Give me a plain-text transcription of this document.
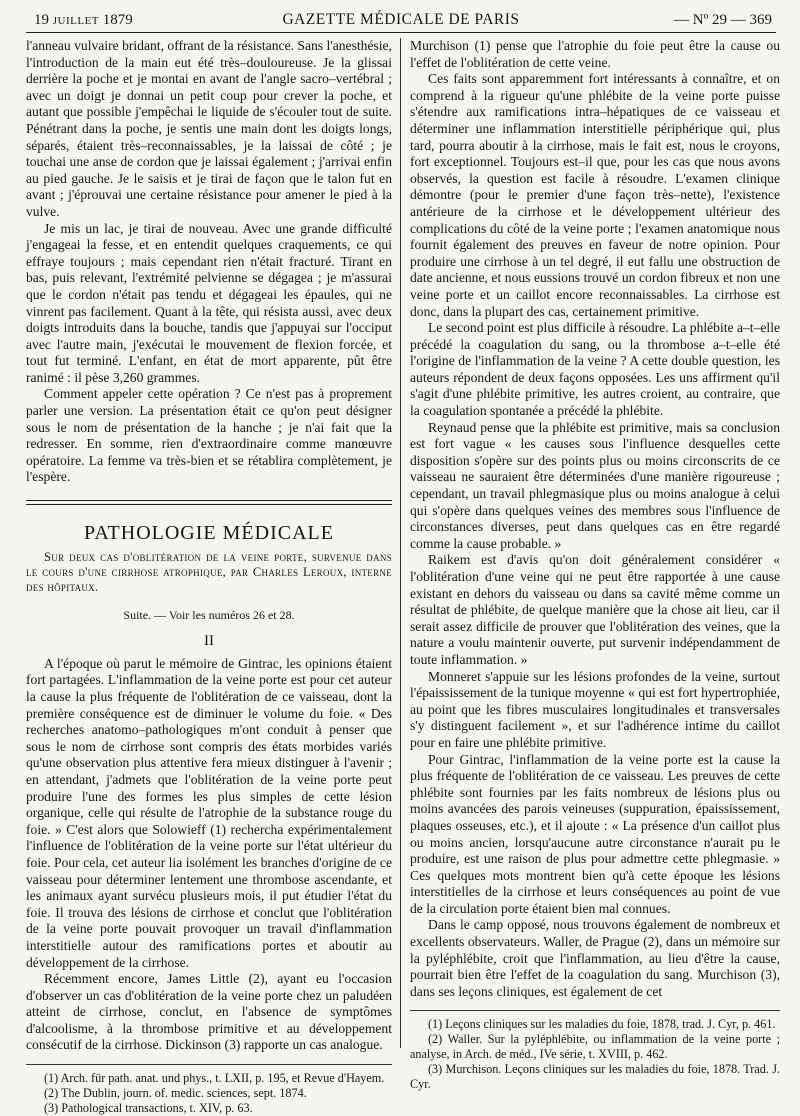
19 JUILLET 1879	GAZETTE MÉDICALE DE PARIS	— Nº 29 — 369

l'anneau vulvaire bridant, offrant de la résistance. Sans l'anesthésie, l'introduction de la main eut été très–douloureuse. Je la glissai derrière la poche et je montai en avant de l'angle sacro–vertébral ; avec un doigt je donnai un petit coup pour crever la poche, et autant que possible j'empêchai le liquide de s'écouler tout de suite. Pénétrant dans la poche, je sentis une main dont les doigts longs, séparés, étaient très–reconnaissables, je la laissai de côté ; je touchai une anse de cordon que je laissai également ; j'arrivai enfin au pied gauche. Je le saisis et je tirai de façon que le talon fut en avant ; j'éprouvai une certaine résistance pour amener le pied à la vulve.

Je mis un lac, je tirai de nouveau. Avec une grande difficulté j'engageai la fesse, et en entendit quelques craquements, ce qui effraye toujours ; mais cependant rien n'était fracturé. Tirant en bas, puis relevant, l'extrémité pelvienne se dégagea ; je m'assurai que le cordon n'était pas tendu et dégageai les épaules, qui ne vinrent pas facilement. Quant à la tête, qui résista aussi, avec deux doigts introduits dans la bouche, tandis que j'appuyai sur l'occiput avec l'autre main, j'exécutai le mouvement de flexion forcée, et tout fut terminé. L'enfant, en état de mort apparente, pût être ranimé : il pèse 3,260 grammes.

Comment appeler cette opération ? Ce n'est pas à proprement parler une version. La présentation était ce qu'on peut désigner sous le nom de présentation de la hanche ; je n'ai fait que la redresser. En somme, rien d'extraordinaire comme manœuvre opératoire. La femme va très-bien et se rétablira complètement, je l'espère.

PATHOLOGIE MÉDICALE

Sur deux cas d'oblitération de la veine porte, survenue dans le cours d'une cirrhose atrophique, par Charles Leroux, interne des hôpitaux.

Suite. — Voir les numéros 26 et 28.

II

A l'époque où parut le mémoire de Gintrac, les opinions étaient fort partagées. L'inflammation de la veine porte est pour cet auteur la cause la plus fréquente de l'oblitération de ce vaisseau, dont la première conséquence est de diminuer le volume du foie. « Des recherches anatomo–pathologiques m'ont conduit à penser que sous le nom de cirrhose sont compris des états morbides variés qu'une observation plus attentive fera mieux distinguer à l'avenir ; en attendant, j'admets que l'oblitération de la veine porte peut produire l'une des formes les plus simples de cette lésion organique, celle qui résulte de l'atrophie de la substance rouge du foie. » C'est alors que Solowieff (1) rechercha expérimentalement l'influence de l'oblitération de la veine porte sur l'état ultérieur du foie. Pour cela, cet auteur lia isolément les branches d'origine de ce vaisseau pour déterminer lentement une thrombose ascendante, et les animaux ayant survécu plusieurs mois, il put étudier l'état du foie. Il trouva des lésions de cirrhose et conclut que l'oblitération de la veine porte pouvait provoquer un travail d'inflammation interstitielle autour des ramifications portes et aboutir au développement de la cirrhose.

Récemment encore, James Little (2), ayant eu l'occasion d'observer un cas d'oblitération de la veine porte chez un paludéen atteint de cirrhose, conclut, en l'absence de symptômes d'alcoolisme, à la thrombose primitive et au développement consécutif de la cirrhose. Dickinson (3) rapporte un cas analogue.

(1) Arch. für path. anat. und phys., t. LXII, p. 195, et Revue d'Hayem.

(2) The Dublin, journ. of. medic. sciences, sept. 1874.

(3) Pathological transactions, t. XIV, p. 63.

Murchison (1) pense que l'atrophie du foie peut être la cause ou l'effet de l'oblitération de cette veine.

Ces faits sont apparemment fort intéressants à connaître, et on comprend à la rigueur qu'une phlébite de la veine porte puisse s'étendre aux ramifications intra–hépatiques de ce vaisseau et déterminer une inflammation interstitielle périphérique qui, plus tard, pourra aboutir à la cirrhose, mais le fait est, nous le croyons, fort exceptionnel. Toujours est–il que, pour les cas que nous avons observés, la question est facile à résoudre. L'examen clinique démontre (pour le premier d'une façon très–nette), l'existence antérieure de la cirrhose et le développement ultérieur des complications du côté de la veine porte ; l'examen anatomique nous fournit également des preuves en faveur de notre opinion. Pour produire une cirrhose à un tel degré, il eut fallu une obstruction de date ancienne, et nous eussions trouvé un cordon fibreux et non une veine porte et un caillot encore reconnaissables. La cirrhose est donc, dans la plupart des cas, certainement primitive.

Le second point est plus difficile à résoudre. La phlébite a–t–elle précédé la coagulation du sang, ou la thrombose a–t–elle été l'origine de l'inflammation de la veine ? A cette double question, les auteurs répondent de deux façons opposées. Les uns affirment qu'il s'agit d'une phlébite primitive, les autres croient, au contraire, que la coagulation spontanée a précédé la phlébite.

Reynaud pense que la phlébite est primitive, mais sa conclusion est fort vague « les causes sous l'influence desquelles cette disposition s'opère sur des points plus ou moins circonscrits de ce vaisseau ne sauraient être déterminées d'une manière rigoureuse ; cependant, un travail phlegmasique plus ou moins analogue à celui qui s'opère dans quelques veines des membres sous l'influence de circonstances diverses, peut dans quelques cas en être regardé comme la cause probable. »

Raikem est d'avis qu'on doit généralement considérer « l'oblitération d'une veine qui ne peut être rapportée à une cause existant en dehors du vaisseau ou dans sa cavité même comme un résultat de phlébite, de quelque manière que la chose ait lieu, car il serait assez difficile de prouver que l'oblitération des veines, que la nature a voulu maintenir ouverte, put survenir indépendamment de toute inflammation. »

Monneret s'appuie sur les lésions profondes de la veine, surtout l'épaississement de la tunique moyenne « qui est fort hypertrophiée, au point que les fibres musculaires longitudinales et transversales s'y distinguent facilement », et sur l'adhérence intime du caillot pour en faire une phlébite primitive.

Pour Gintrac, l'inflammation de la veine porte est la cause la plus fréquente de l'oblitération de ce vaisseau. Les preuves de cette phlébite sont fournies par les faits nombreux de lésions plus ou moins avancées des parois veineuses (suppuration, épaississement, plaques osseuses, etc.), et il ajoute : « La présence d'un caillot plus ou moins ancien, lorsqu'aucune autre circonstance n'aurait pu le produire, est une raison de plus pour admettre cette phlegmasie. » Ces quelques mots montrent bien qu'à cette époque les lésions interstitielles de la cirrhose et leurs conséquences au point de vue de la circulation porte étaient bien mal connues.

Dans le camp opposé, nous trouvons également de nombreux et excellents observateurs. Waller, de Prague (2), dans un mémoire sur la pyléphlébite, croit que l'inflammation, au lieu d'être la cause, pourrait bien être l'effet de la coagulation du sang. Murchison (3), dans ses leçons cliniques, est également de cet

(1) Leçons cliniques sur les maladies du foie, 1878, trad. J. Cyr, p. 461.

(2) Waller. Sur la pyléphlébite, ou inflammation de la veine porte ; analyse, in Arch. de méd., IVe série, t. XVIII, p. 462.

(3) Murchison. Leçons cliniques sur les maladies du foie, 1878. Trad. J. Cyr.
